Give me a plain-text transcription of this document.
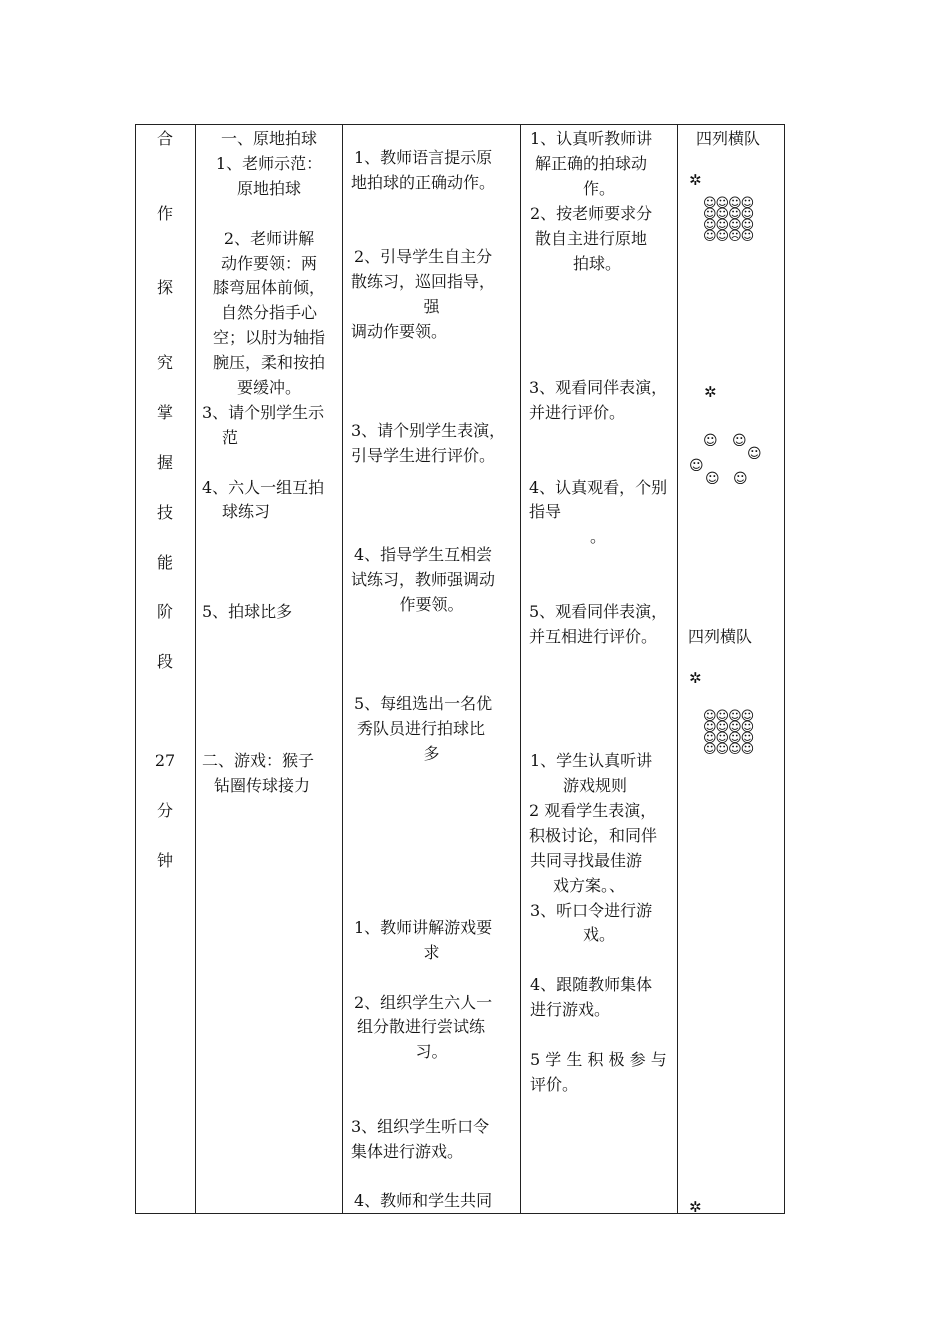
合
作
探
究
掌
握
技
能
阶
段
27
分
钟
一、原地拍球
1、老师示范：
原地拍球
2、老师讲解
动作要领：两
膝弯屈体前倾，
自然分指手心
空；以肘为轴指
腕压，柔和按拍
要缓冲。
3、请个别学生示
范
4、六人一组互拍
球练习
5、拍球比多
二、游戏：猴子
钻圈传球接力
1、教师语言提示原
地拍球的正确动作。
2、引导学生自主分
散练习，巡回指导，
强
调动作要领。
3、请个别学生表演，
引导学生进行评价。
4、指导学生互相尝
试练习，教师强调动
作要领。
5、每组选出一名优
秀队员进行拍球比
多
1、教师讲解游戏要
求
2、组织学生六人一
组分散进行尝试练
习。
3、组织学生听口令
集体进行游戏。
4、教师和学生共同
1、认真听教师讲
解正确的拍球动
作。
2、按老师要求分
散自主进行原地
拍球。
3、观看同伴表演，
并进行评价。
4、认真观看，个别
指导
。
5、观看同伴表演，
并互相进行评价。
1、学生认真听讲
游戏规则
2 观看学生表演，
积极讨论，和同伴
共同寻找最佳游
戏方案。、
3、听口令进行游
戏。
4、跟随教师集体
进行游戏。
5 学 生 积 极 参 与
评价。
四列横队
✲
☺☺☺☺
☺☺☺☺
☺☺☺☺
☺☺☹☺
✲
☺ ☺
☺
☺
☺ ☺
四列横队
✲
☺☺☺☺
☺☺☺☺
☺☺☺☺
☺☺☺☺
✲
